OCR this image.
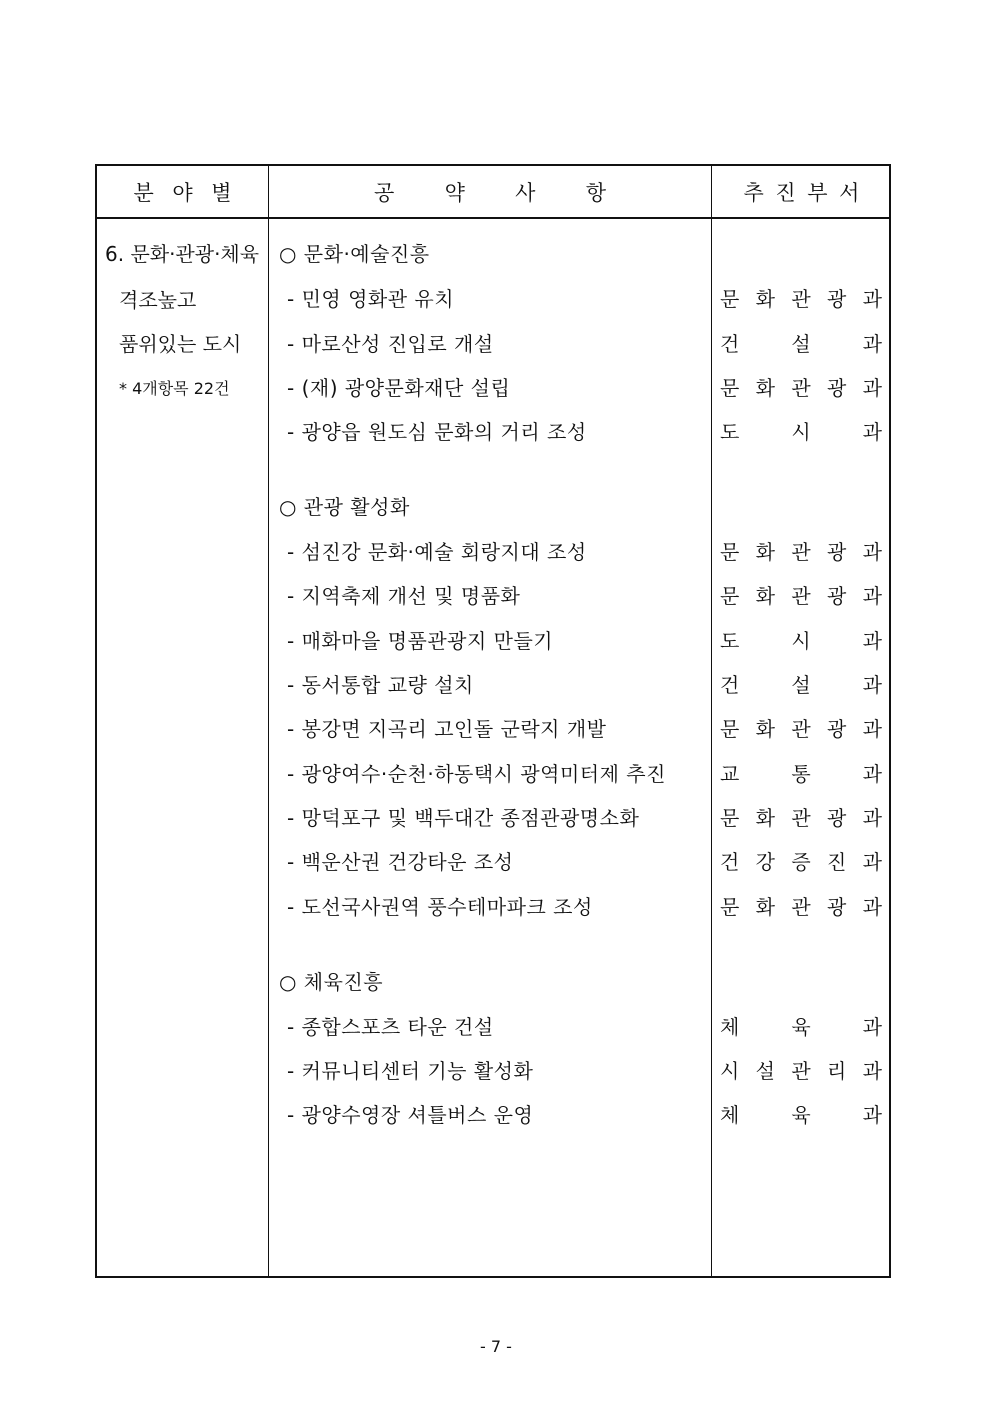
분 야 별	공 약 사 항	추 진 부 서
6. 문화·관광·체육
격조높고
품위있는 도시
* 4개항목 22건
○ 문화·예술진흥
- 민영 영화관 유치	문 화 관 광 과
- 마로산성 진입로 개설	건	설	과
- (재) 광양문화재단 설립	문 화 관 광 과
- 광양읍 원도심 문화의 거리 조성	도	시	과
○ 관광 활성화
- 섬진강 문화·예술 회랑지대 조성	문 화 관 광 과
- 지역축제 개선 및 명품화	문 화 관 광 과
- 매화마을 명품관광지 만들기	도	시	과
- 동서통합 교량 설치	건	설	과
- 봉강면 지곡리 고인돌 군락지 개발	문 화 관 광 과
- 광양여수·순천·하동택시 광역미터제 추진	교	통	과
- 망덕포구 및 백두대간 종점관광명소화	문 화 관 광 과
- 백운산권 건강타운 조성	건 강 증 진 과
- 도선국사권역 풍수테마파크 조성	문 화 관 광 과
○ 체육진흥
- 종합스포츠 타운 건설	체	육	과
- 커뮤니티센터 기능 활성화	시 설 관 리 과
- 광양수영장 셔틀버스 운영	체	육	과
- 7 -
